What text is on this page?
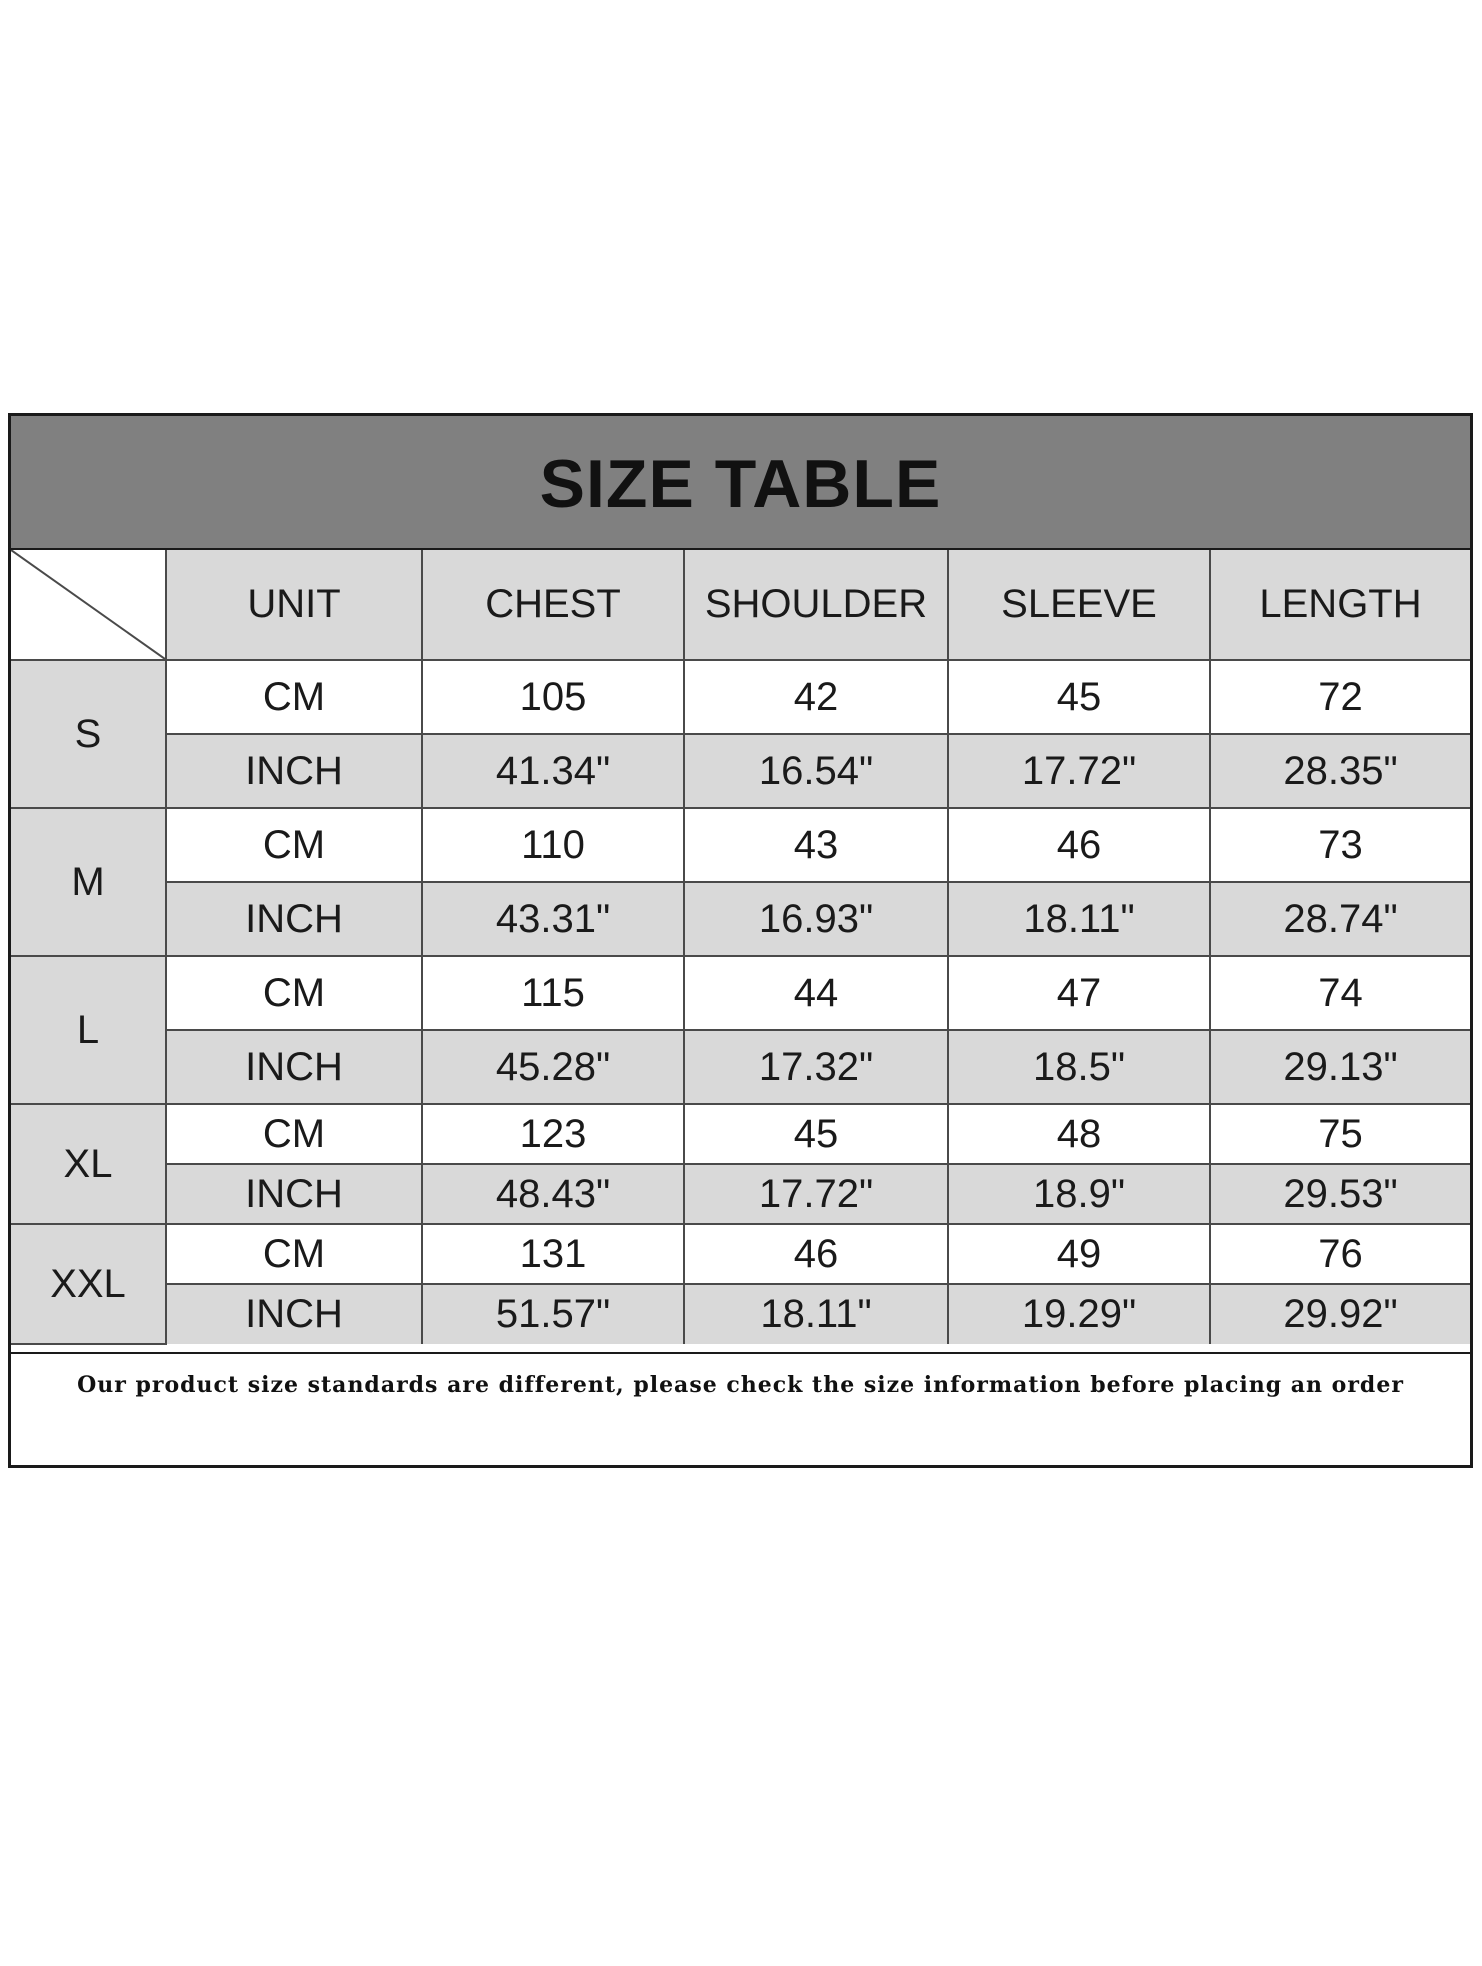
SIZE TABLE
	UNIT	CHEST	SHOULDER	SLEEVE	LENGTH
S	CM	105	42	45	72
	INCH	41.34"	16.54"	17.72"	28.35"
M	CM	110	43	46	73
	INCH	43.31"	16.93"	18.11"	28.74"
L	CM	115	44	47	74
	INCH	45.28"	17.32"	18.5"	29.13"
XL	CM	123	45	48	75
	INCH	48.43"	17.72"	18.9"	29.53"
XXL	CM	131	46	49	76
	INCH	51.57"	18.11"	19.29"	29.92"
Our product size standards are different, please check the size information before placing an order
